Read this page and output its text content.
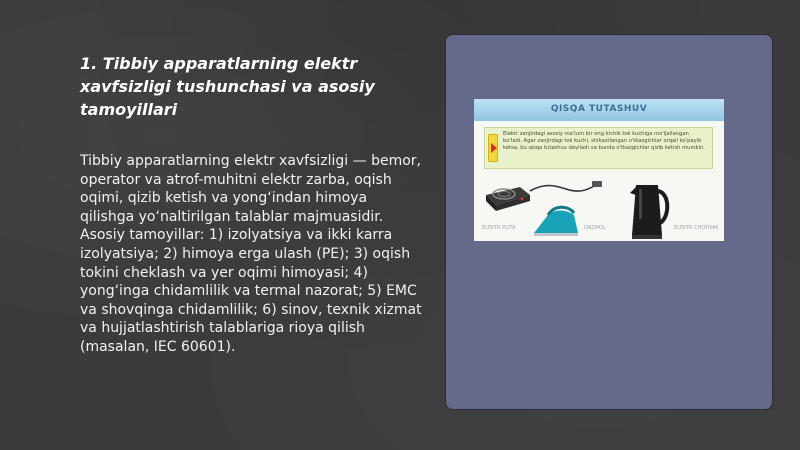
1. Tibbiy apparatlarning elektr xavfsizligi tushunchasi va asosiy tamoyillari

Tibbiy apparatlarning elektr xavfsizligi — bemor, operator va atrof-muhitni elektr zarba, oqish oqimi, qizib ketish va yong‘indan himoya qilishga yo‘naltirilgan talablar majmuasidir. Asosiy tamoyillar: 1) izolyatsiya va ikki karra izolyatsiya; 2) himoya erga ulash (PE); 3) oqish tokini cheklash va yer oqimi himoyasi; 4) yong‘inga chidamlilik va termal nazorat; 5) EMC va shovqinga chidamlilik; 6) sinov, texnik xizmat va hujjatlashtirish talablariga rioya qilish (masalan, IEC 60601).

QISQA TUTASHUV
Elektr zanjirdagi asosiy ma'lum bir eng kichik tok kuchiga mo'ljallangan bo'ladi. Agar zanjirdagi tok kuchi, shikastlangan o'tkazgichlar orqali ko'payib ketsa, bu qisqa tutashuv deyiladi va bunda o'tkazgichlar qizib ketish mumkin.
ELEKTR PLITA	DAZMOL	ELEKTR CHOYNAK
